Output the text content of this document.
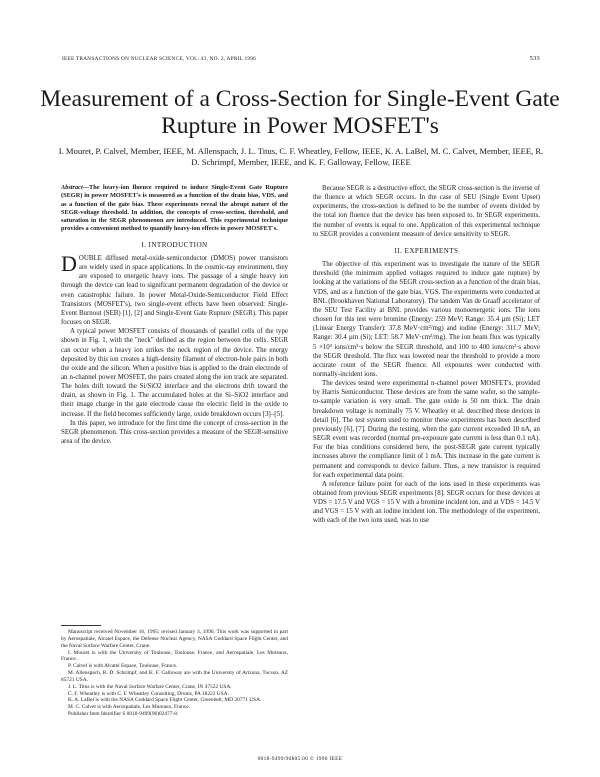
IEEE TRANSACTIONS ON NUCLEAR SCIENCE, VOL. 43, NO. 2, APRIL 1996	533
Measurement of a Cross-Section for Single-Event Gate Rupture in Power MOSFET's
I. Mouret, P. Calvel, Member, IEEE, M. Allenspach, J. L. Titus, C. F. Wheatley, Fellow, IEEE, K. A. LaBel, M. C. Calvet, Member, IEEE, R. D. Schrimpf, Member, IEEE, and K. F. Galloway, Fellow, IEEE
Abstract—The heavy-ion fluence required to induce Single-Event Gate Rupture (SEGR) in power MOSFET's is measured as a function of the drain bias, VDS, and as a function of the gate bias. These experiments reveal the abrupt nature of the SEGR-voltage threshold. In addition, the concepts of cross-section, threshold, and saturation in the SEGR phenomenon are introduced. This experimental technique provides a convenient method to quantify heavy-ion effects in power MOSFET's.
I. INTRODUCTION

DOUBLE diffused metal-oxide-semiconductor (DMOS) power transistors are widely used in space applications. In the cosmic-ray environment, they are exposed to energetic heavy ions. The passage of a single heavy ion through the device can lead to significant permanent degradation of the device or even catastrophic failure. In power Metal-Oxide-Semiconductor Field Effect Transistors (MOSFET's), two single-event effects have been observed: Single-Event Burnout (SEB) [1], [2] and Single-Event Gate Rupture (SEGR). This paper focuses on SEGR.

A typical power MOSFET consists of thousands of parallel cells of the type shown in Fig. 1, with the "neck" defined as the region between the cells. SEGR can occur when a heavy ion strikes the neck region of the device. The energy deposited by this ion creates a high-density filament of electron-hole pairs in both the oxide and the silicon. When a positive bias is applied to the drain electrode of an n-channel power MOSFET, the pairs created along the ion track are separated. The holes drift toward the Si/SiO2 interface and the electrons drift toward the drain, as shown in Fig. 1. The accumulated holes at the Si–SiO2 interface and their image charge in the gate electrode cause the electric field in the oxide to increase. If the field becomes sufficiently large, oxide breakdown occurs [3]–[5].

In this paper, we introduce for the first time the concept of cross-section in the SEGR phenomenon. This cross-section provides a measure of the SEGR-sensitive area of the device.

Manuscript received November 16, 1995; revised January 3, 1996. This work was supported in part by Aerospatiale, Alcatel Espace, the Defense Nuclear Agency, NASA Goddard Space Flight Center, and the Naval Surface Warfare Center, Crane.

I. Mouret is with the University of Toulouse, Toulouse, France, and Aerospatiale, Les Mureaux, France.

P. Calvel is with Alcatel Espace, Toulouse, France.

M. Allenspach, R. D. Schrimpf, and K. F. Galloway are with the University of Arizona, Tucson, AZ 85721 USA.

J. L. Titus is with the Naval Surface Warfare Center, Crane, IN 47522 USA.

C. F. Wheatley is with C. F. Wheatley Consulting, Drums, PA 18222 USA.

K. A. LaBel is with the NASA Goddard Space Flight Center, Greenbelt, MD 20771 USA.

M. C. Calvet is with Aerospatiale, Les Mureaux, France.

Publisher Item Identifier S 0018-9499(96)02477-8.

Because SEGR is a destructive effect, the SEGR cross-section is the inverse of the fluence at which SEGR occurs. In the case of SEU (Single Event Upset) experiments, the cross-section is defined to be the number of events divided by the total ion fluence that the device has been exposed to. In SEGR experiments, the number of events is equal to one. Application of this experimental technique to SEGR provides a convenient measure of device sensitivity to SEGR.

II. EXPERIMENTS

The objective of this experiment was to investigate the nature of the SEGR threshold (the minimum applied voltages required to induce gate rupture) by looking at the variations of the SEGR cross-section as a function of the drain bias, VDS, and as a function of the gate bias, VGS. The experiments were conducted at BNL (Brookhaven National Laboratory). The tandem Van de Graaff accelerator of the SEU Test Facility at BNL provides various monoenergetic ions. The ions chosen for this test were bromine (Energy: 259 MeV; Range: 35.4 µm (Si); LET (Linear Energy Transfer): 37.8 MeV·cm²/mg) and iodine (Energy: 311.7 MeV; Range: 30.4 µm (Si); LET: 58.7 MeV·cm²/mg). The ion beam flux was typically 5 ×10³ ions/cm²·s below the SEGR threshold, and 100 to 400 ions/cm²·s above the SEGR threshold. The flux was lowered near the threshold to provide a more accurate count of the SEGR fluence. All exposures were conducted with normally-incident ions.

The devices tested were experimental n-channel power MOSFET's, provided by Harris Semiconductor. These devices are from the same wafer, so the sample-to-sample variation is very small. The gate oxide is 50 nm thick. The drain breakdown voltage is nominally 75 V. Wheatley et al. described these devices in detail [6]. The test system used to monitor these experiments has been described previously [6], [7]. During the testing, when the gate current exceeded 10 nA, an SEGR event was recorded (normal pre-exposure gate current is less than 0.1 nA). For the bias conditions considered here, the post-SEGR gate current typically increases above the compliance limit of 1 mA. This increase in the gate current is permanent and corresponds to device failure. Thus, a new transistor is required for each experimental data point.

A reference failure point for each of the ions used in these experiments was obtained from previous SEGR experiments [8]. SEGR occurs for these devices at VDS = 17.5 V and VGS = 15 V with a bromine incident ion, and at VDS = 14.5 V and VGS = 15 V with an iodine incident ion. The methodology of the experiment, with each of the two ions used, was to use

0018-9499/96$05.00 © 1996 IEEE
